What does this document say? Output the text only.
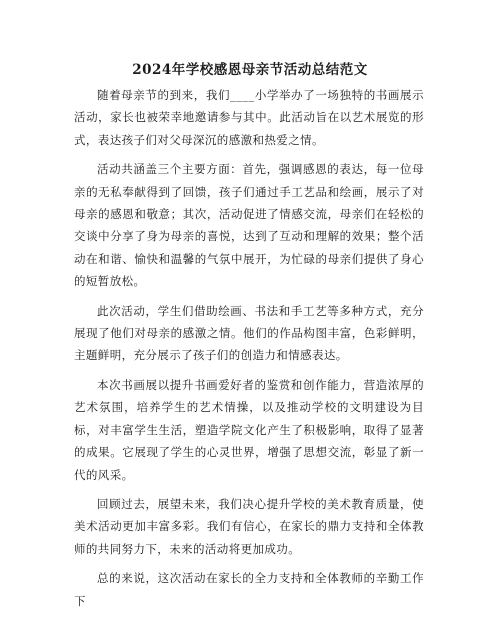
2024年学校感恩母亲节活动总结范文

随着母亲节的到来，我们____小学举办了一场独特的书画展示活动，家长也被荣幸地邀请参与其中。此活动旨在以艺术展览的形式，表达孩子们对父母深沉的感激和热爱之情。

活动共涵盖三个主要方面：首先，强调感恩的表达，每一位母亲的无私奉献得到了回馈，孩子们通过手工艺品和绘画，展示了对母亲的感恩和敬意；其次，活动促进了情感交流，母亲们在轻松的交谈中分享了身为母亲的喜悦，达到了互动和理解的效果；整个活动在和谐、愉快和温馨的气氛中展开，为忙碌的母亲们提供了身心的短暂放松。

此次活动，学生们借助绘画、书法和手工艺等多种方式，充分展现了他们对母亲的感激之情。他们的作品构图丰富，色彩鲜明，主题鲜明，充分展示了孩子们的创造力和情感表达。

本次书画展以提升书画爱好者的鉴赏和创作能力，营造浓厚的艺术氛围，培养学生的艺术情操，以及推动学校的文明建设为目标，对丰富学生生活，塑造学院文化产生了积极影响，取得了显著的成果。它展现了学生的心灵世界，增强了思想交流，彰显了新一代的风采。

回顾过去，展望未来，我们决心提升学校的美术教育质量，使美术活动更加丰富多彩。我们有信心，在家长的鼎力支持和全体教师的共同努力下，未来的活动将更加成功。

总的来说，这次活动在家长的全力支持和全体教师的辛勤工作下
